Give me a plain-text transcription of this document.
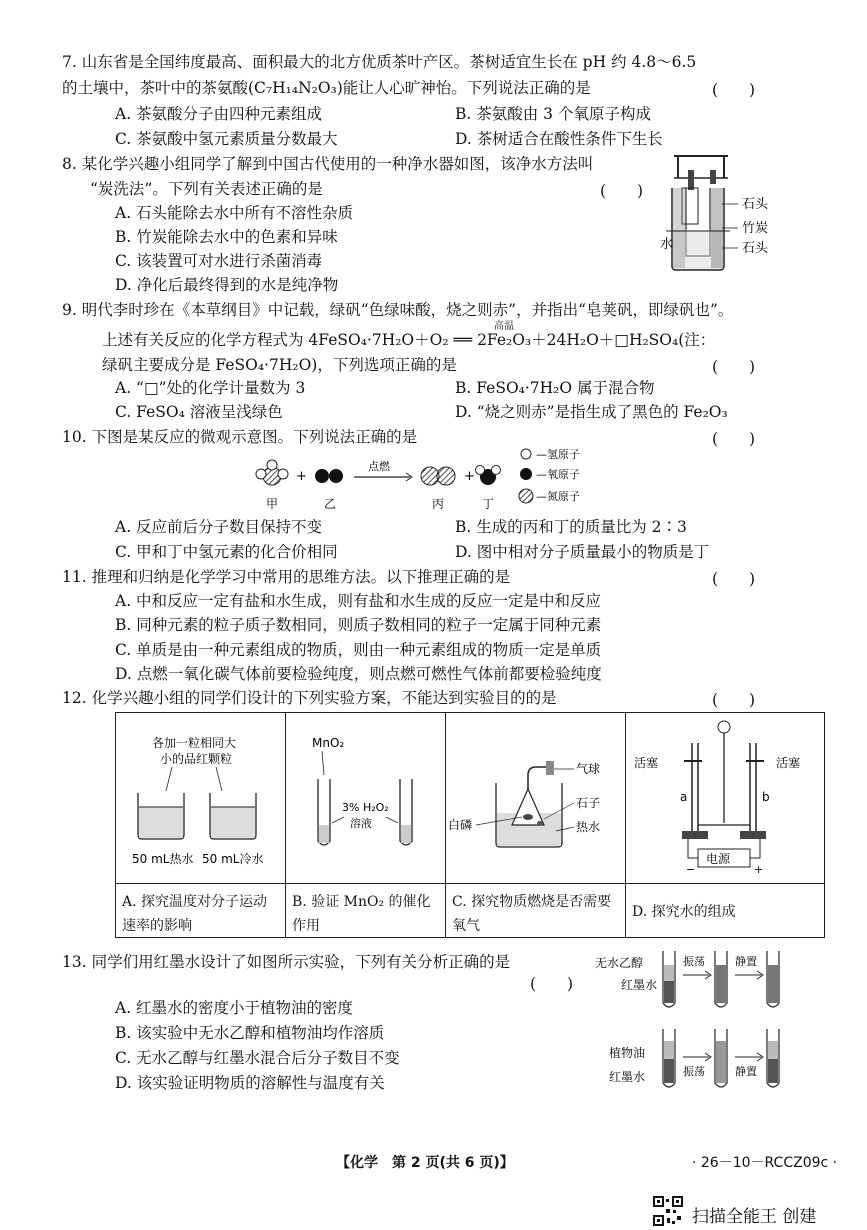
7. 山东省是全国纬度最高、面积最大的北方优质茶叶产区。茶树适宜生长在 pH 约 4.8～6.5
的土壤中，茶叶中的茶氨酸(C₇H₁₄N₂O₃)能让人心旷神怡。下列说法正确的是	(　　)
A. 茶氨酸分子由四种元素组成	B. 茶氨酸由 3 个氧原子构成
C. 茶氨酸中氢元素质量分数最大	D. 茶树适合在酸性条件下生长
8. 某化学兴趣小组同学了解到中国古代使用的一种净水器如图，该净水方法叫
“炭洗法”。下列有关表述正确的是	(　　)
A. 石头能除去水中所有不溶性杂质
B. 竹炭能除去水中的色素和异味
C. 该装置可对水进行杀菌消毒
D. 净化后最终得到的水是纯净物
石头
竹炭
石头
水
9. 明代李时珍在《本草纲目》中记载，绿矾“色绿味酸，烧之则赤”，并指出“皂荚矾，即绿矾也”。
上述有关反应的化学方程式为 4FeSO₄·7H₂O＋O₂ ══ 2Fe₂O₃＋24H₂O＋□H₂SO₄(注：
高温
绿矾主要成分是 FeSO₄·7H₂O)，下列选项正确的是	(　　)
A. “□”处的化学计量数为 3	B. FeSO₄·7H₂O 属于混合物
C. FeSO₄ 溶液呈浅绿色	D. “烧之则赤”是指生成了黑色的 Fe₂O₃
10. 下图是某反应的微观示意图。下列说法正确的是	(　　)
+
点燃
+
甲	乙	丙	丁
—氢原子
—氧原子
—氮原子
A. 反应前后分子数目保持不变	B. 生成的丙和丁的质量比为 2∶3
C. 甲和丁中氢元素的化合价相同	D. 图中相对分子质量最小的物质是丁
11. 推理和归纳是化学学习中常用的思维方法。以下推理正确的是	(　　)
A. 中和反应一定有盐和水生成，则有盐和水生成的反应一定是中和反应
B. 同种元素的粒子质子数相同，则质子数相同的粒子一定属于同种元素
C. 单质是由一种元素组成的物质，则由一种元素组成的物质一定是单质
D. 点燃一氧化碳气体前要检验纯度，则点燃可燃性气体前都要检验纯度
12. 化学兴趣小组的同学们设计的下列实验方案，不能达到实验目的的是	(　　)
各加一粒相同大
小的品红颗粒
50 mL热水 50 mL冷水
A. 探究温度对分子运动速率的影响
MnO₂
3% H₂O₂
溶液
B. 验证 MnO₂ 的催化作用
气球
石子
热水
白磷
C. 探究物质燃烧是否需要氧气
电源
−	+
活塞	活塞
a	b
D. 探究水的组成
13. 同学们用红墨水设计了如图所示实验，下列有关分析正确的是
(　　)
A. 红墨水的密度小于植物油的密度
B. 该实验中无水乙醇和植物油均作溶质
C. 无水乙醇与红墨水混合后分子数目不变
D. 该实验证明物质的溶解性与温度有关
无水乙醇
红墨水
振荡	静置
植物油
红墨水	振荡	静置
【化学　第 2 页(共 6 页)】	· 26－10－RCCZ09c ·
扫描全能王 创建
